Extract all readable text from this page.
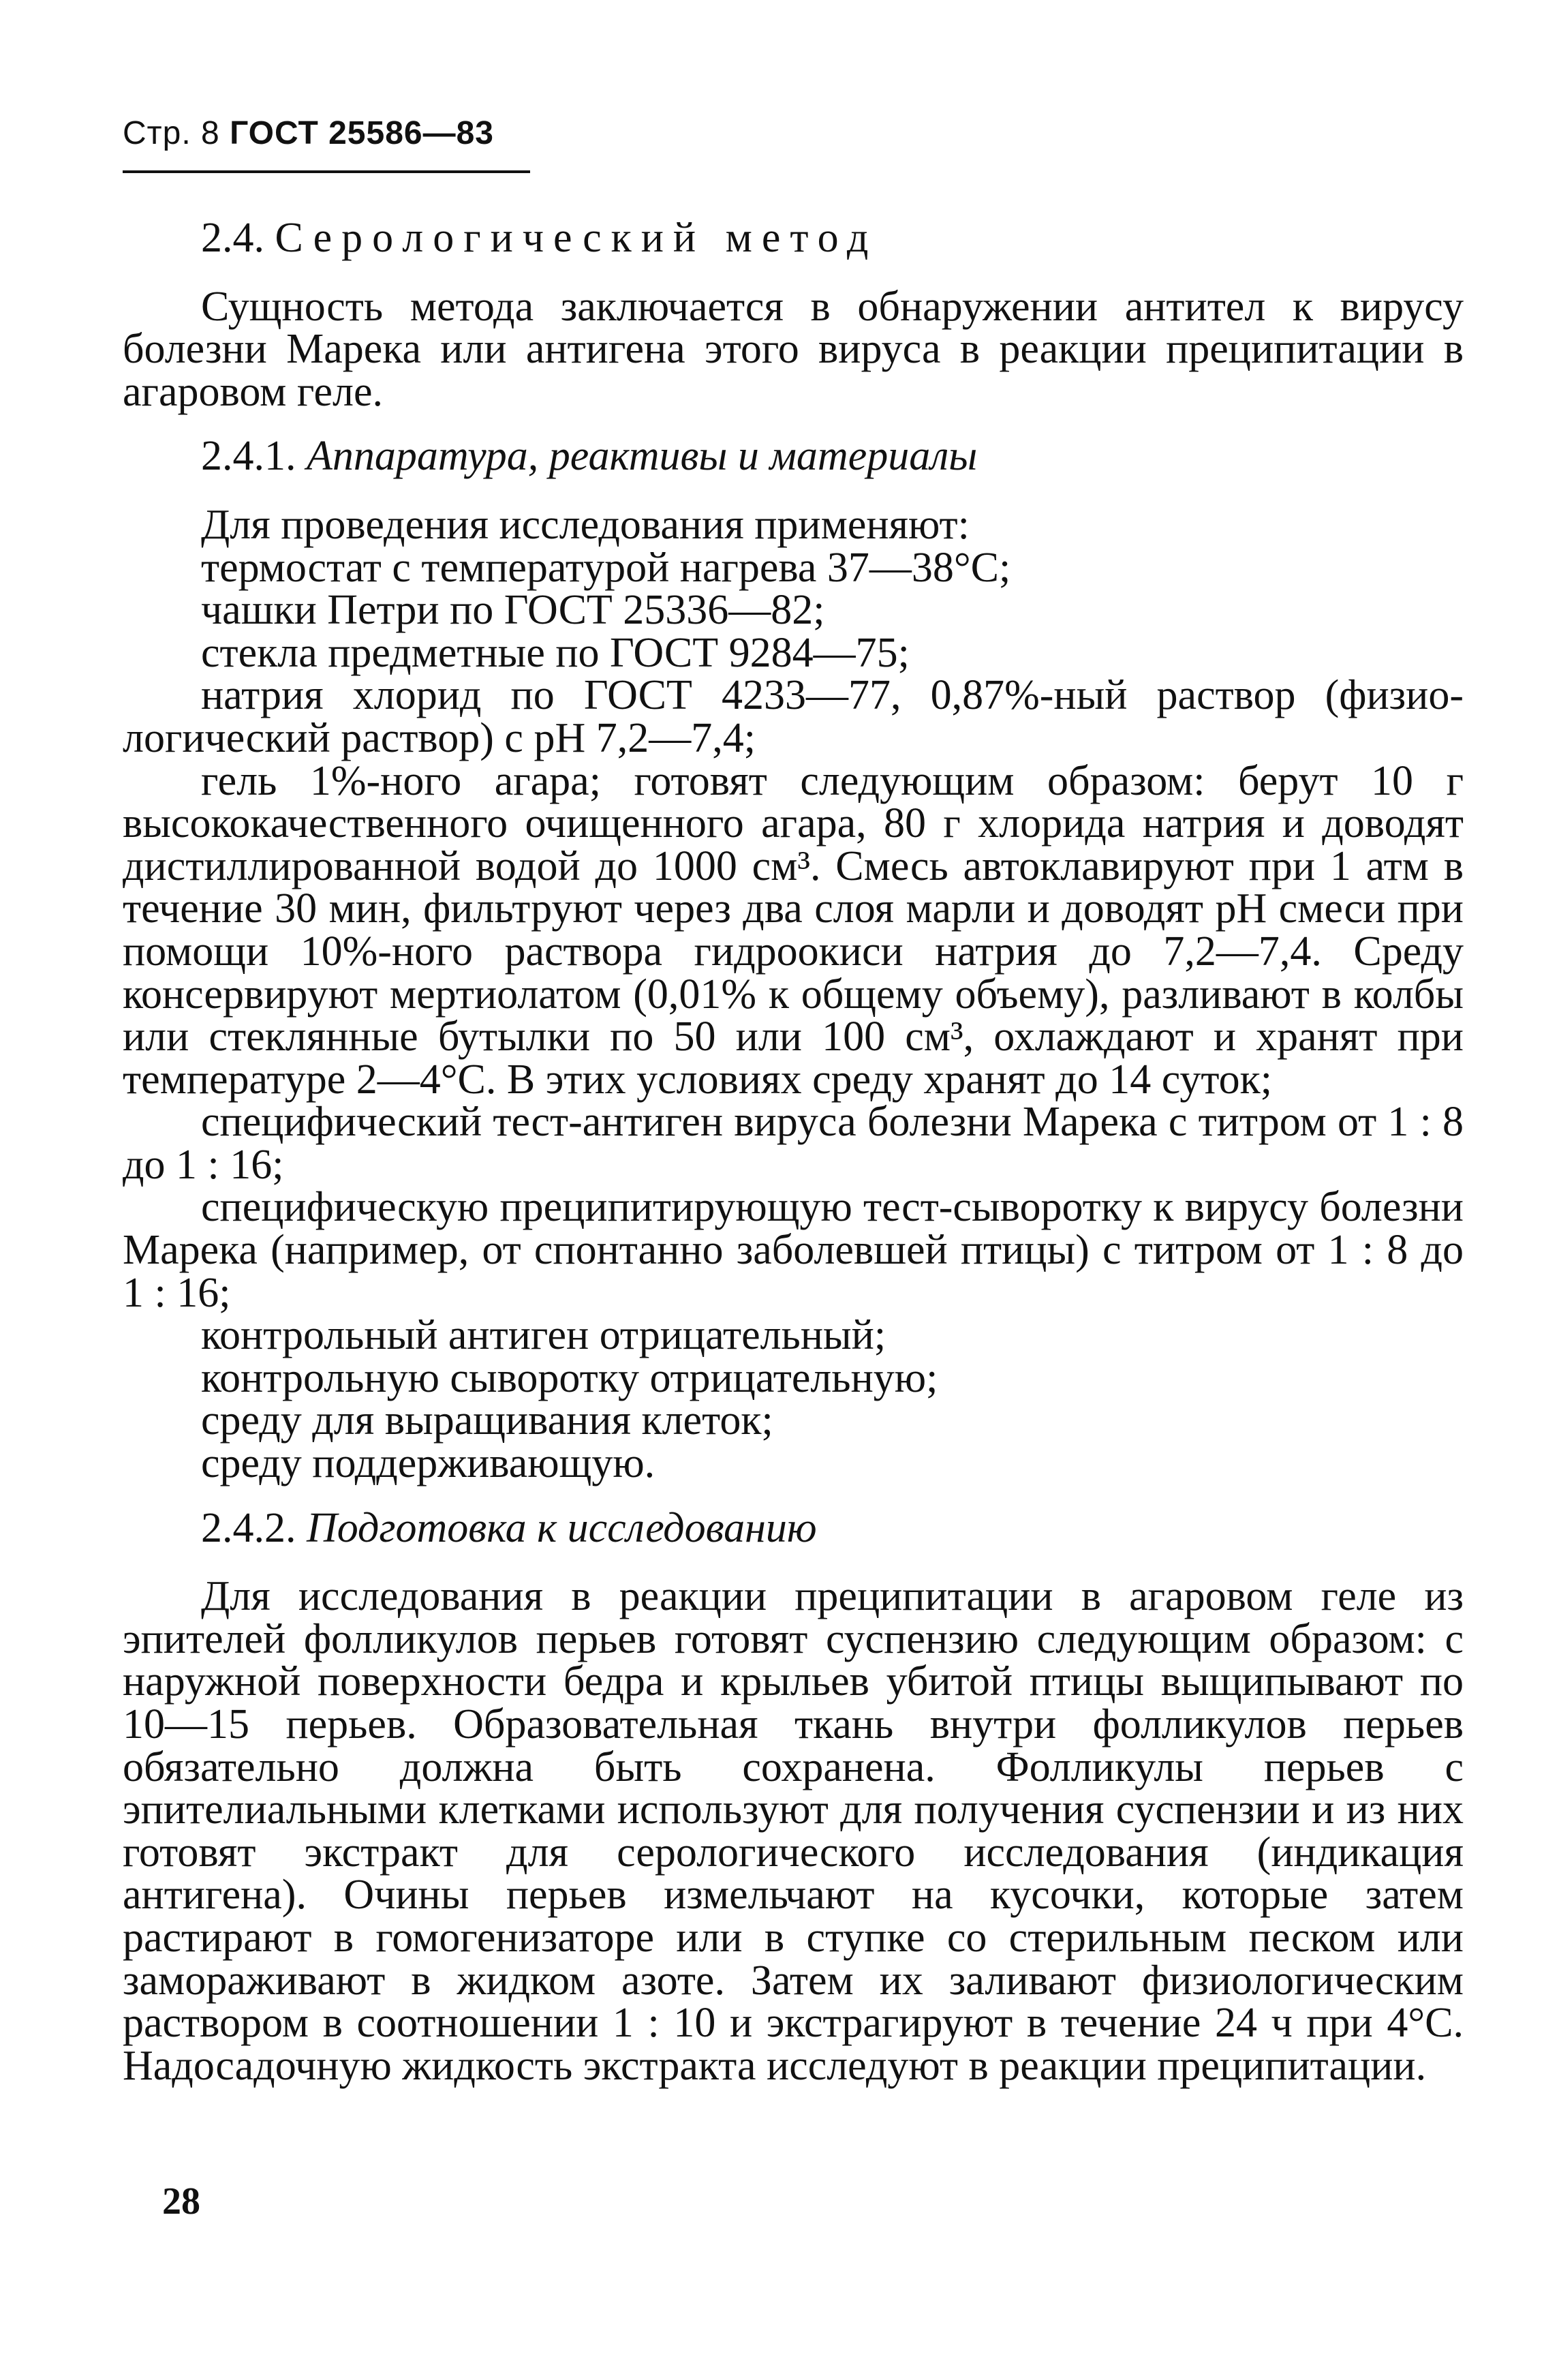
Стр. 8 ГОСТ 25586—83

2.4. Серологический метод

Сущность метода заключается в обнаружении антител к вирусу болезни Марека или антигена этого вируса в реакции преципитации в агаровом геле.

2.4.1. Аппаратура, реактивы и материалы

Для проведения исследования применяют:

термостат с температурой нагрева 37—38°С;

чашки Петри по ГОСТ 25336—82;

стекла предметные по ГОСТ 9284—75;

натрия хлорид по ГОСТ 4233—77, 0,87%-ный раствор (физиологический раствор) с рН 7,2—7,4;

гель 1%-ного агара; готовят следующим образом: берут 10 г высококачественного очищенного агара, 80 г хлорида натрия и доводят дистиллированной водой до 1000 см³. Смесь автоклавируют при 1 атм в течение 30 мин, фильтруют через два слоя марли и доводят рН смеси при помощи 10%-ного раствора гидроокиси натрия до 7,2—7,4. Среду консервируют мертиолатом (0,01% к общему объему), разливают в колбы или стеклянные бутылки по 50 или 100 см³, охлаждают и хранят при температуре 2—4°С. В этих условиях среду хранят до 14 суток;

специфический тест-антиген вируса болезни Марека с титром от 1 : 8 до 1 : 16;

специфическую преципитирующую тест-сыворотку к вирусу болезни Марека (например, от спонтанно заболевшей птицы) с титром от 1 : 8 до 1 : 16;

контрольный антиген отрицательный;

контрольную сыворотку отрицательную;

среду для выращивания клеток;

среду поддерживающую.

2.4.2. Подготовка к исследованию

Для исследования в реакции преципитации в агаровом геле из эпителей фолликулов перьев готовят суспензию следующим образом: с наружной поверхности бедра и крыльев убитой птицы выщипывают по 10—15 перьев. Образовательная ткань внутри фолликулов перьев обязательно должна быть сохранена. Фолликулы перьев с эпителиальными клетками используют для получения суспензии и из них готовят экстракт для серологического исследования (индикация антигена). Очины перьев измельчают на кусочки, которые затем растирают в гомогенизаторе или в ступке со стерильным песком или замораживают в жидком азоте. Затем их заливают физиологическим раствором в соотношении 1 : 10 и экстрагируют в течение 24 ч при 4°С. Надосадочную жидкость экстракта исследуют в реакции преципитации.

28
